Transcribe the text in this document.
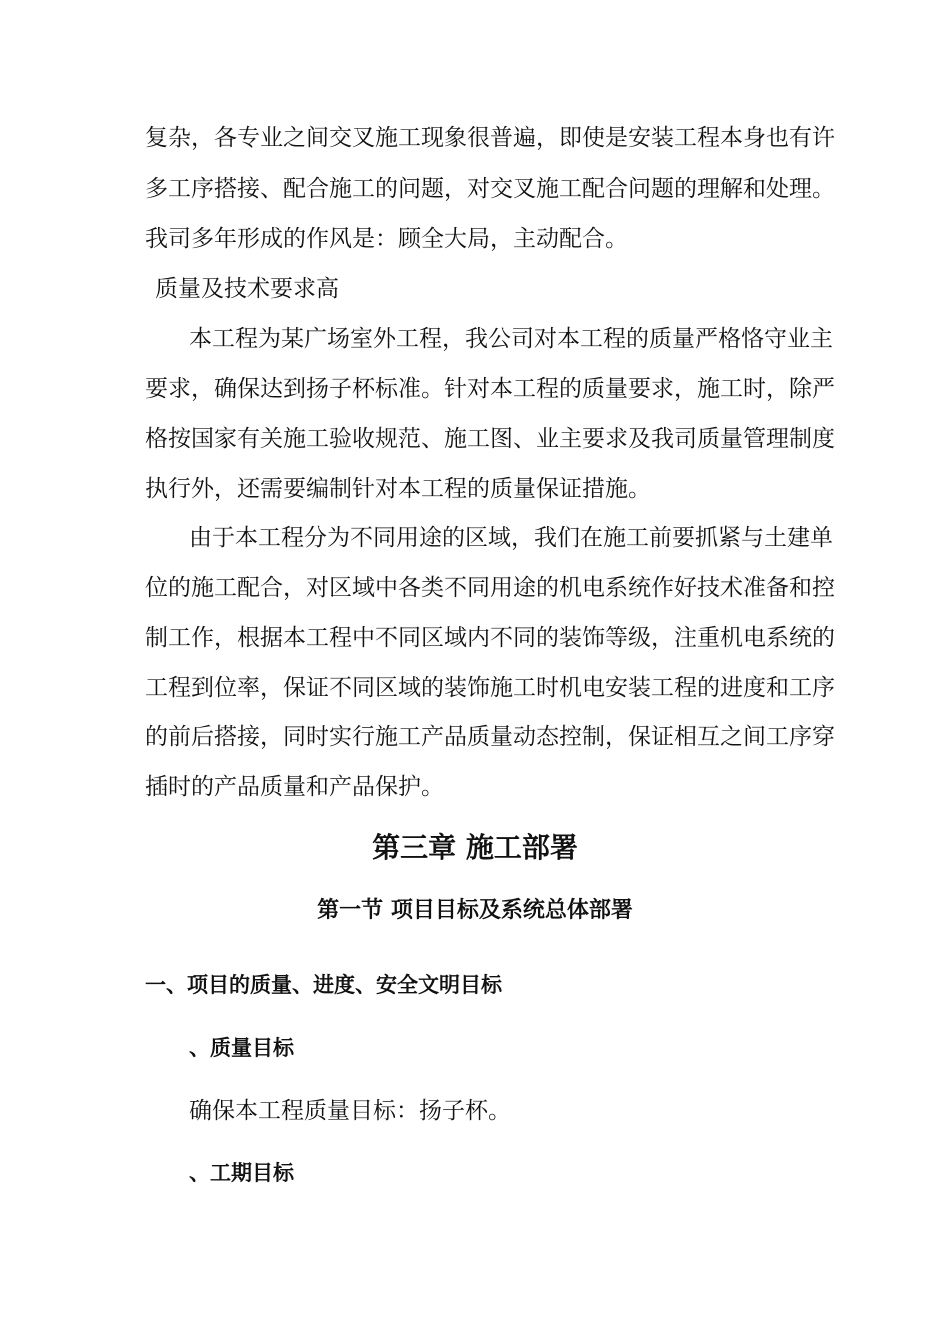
复杂，各专业之间交叉施工现象很普遍，即使是安装工程本身也有许
多工序搭接、配合施工的问题，对交叉施工配合问题的理解和处理。
我司多年形成的作风是：顾全大局，主动配合。
质量及技术要求高
本工程为某广场室外工程，我公司对本工程的质量严格恪守业主
要求，确保达到扬子杯标准。针对本工程的质量要求，施工时，除严
格按国家有关施工验收规范、施工图、业主要求及我司质量管理制度
执行外，还需要编制针对本工程的质量保证措施。
由于本工程分为不同用途的区域，我们在施工前要抓紧与土建单
位的施工配合，对区域中各类不同用途的机电系统作好技术准备和控
制工作，根据本工程中不同区域内不同的装饰等级，注重机电系统的
工程到位率，保证不同区域的装饰施工时机电安装工程的进度和工序
的前后搭接，同时实行施工产品质量动态控制，保证相互之间工序穿
插时的产品质量和产品保护。
第三章 施工部署
第一节 项目目标及系统总体部署
一、项目的质量、进度、安全文明目标
、质量目标
确保本工程质量目标：扬子杯。
、工期目标
